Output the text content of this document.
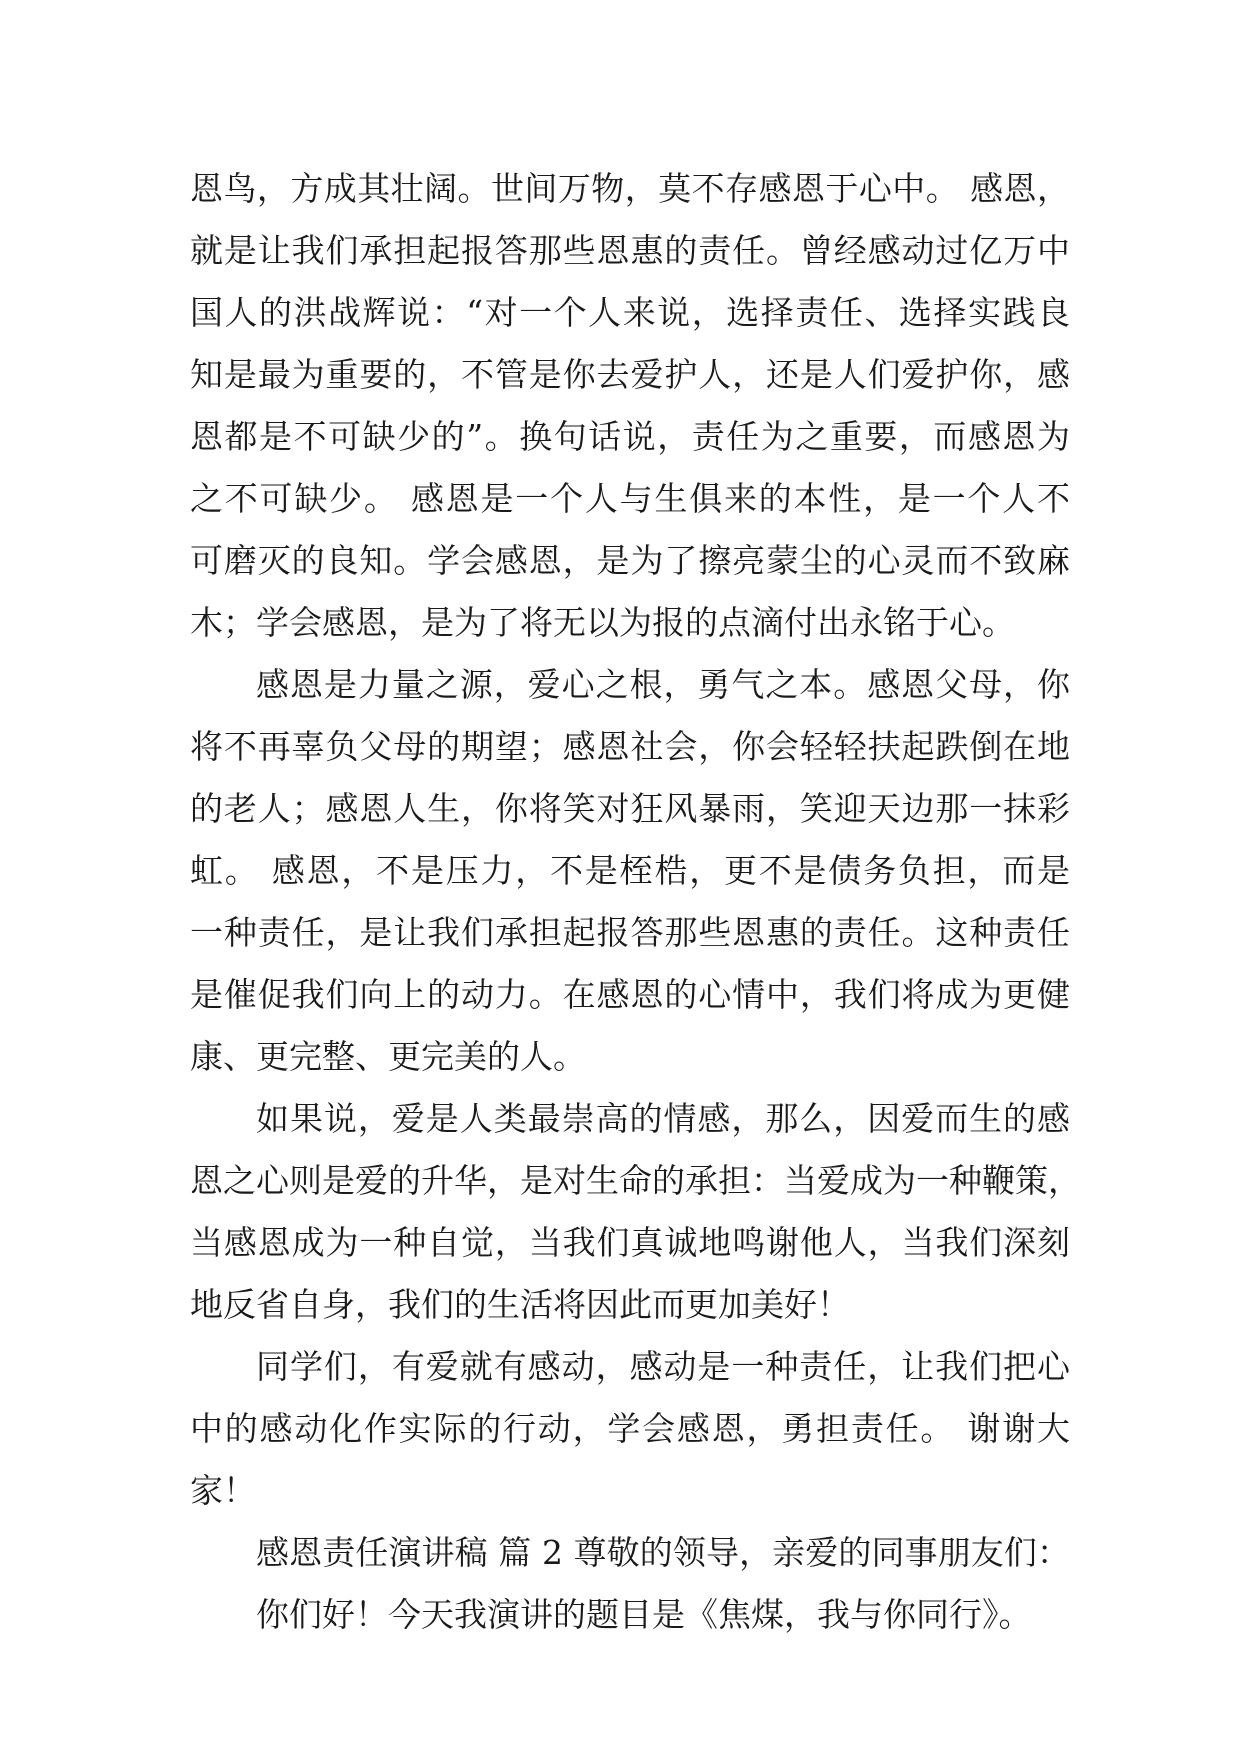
恩鸟，方成其壮阔。世间万物，莫不存感恩于心中。 感恩，
就是让我们承担起报答那些恩惠的责任。曾经感动过亿万中
国人的洪战辉说：“对一个人来说，选择责任、选择实践良
知是最为重要的，不管是你去爱护人，还是人们爱护你，感
恩都是不可缺少的”。换句话说，责任为之重要，而感恩为
之不可缺少。 感恩是一个人与生俱来的本性，是一个人不
可磨灭的良知。学会感恩，是为了擦亮蒙尘的心灵而不致麻
木；学会感恩，是为了将无以为报的点滴付出永铭于心。
感恩是力量之源，爱心之根，勇气之本。感恩父母，你
将不再辜负父母的期望；感恩社会，你会轻轻扶起跌倒在地
的老人；感恩人生，你将笑对狂风暴雨，笑迎天边那一抹彩
虹。 感恩，不是压力，不是桎梏，更不是债务负担，而是
一种责任，是让我们承担起报答那些恩惠的责任。这种责任
是催促我们向上的动力。在感恩的心情中，我们将成为更健
康、更完整、更完美的人。
如果说，爱是人类最崇高的情感，那么，因爱而生的感
恩之心则是爱的升华，是对生命的承担：当爱成为一种鞭策，
当感恩成为一种自觉，当我们真诚地鸣谢他人，当我们深刻
地反省自身，我们的生活将因此而更加美好！
同学们，有爱就有感动，感动是一种责任，让我们把心
中的感动化作实际的行动，学会感恩，勇担责任。 谢谢大
家！
感恩责任演讲稿 篇 2 尊敬的领导，亲爱的同事朋友们：
你们好！今天我演讲的题目是《焦煤，我与你同行》。
